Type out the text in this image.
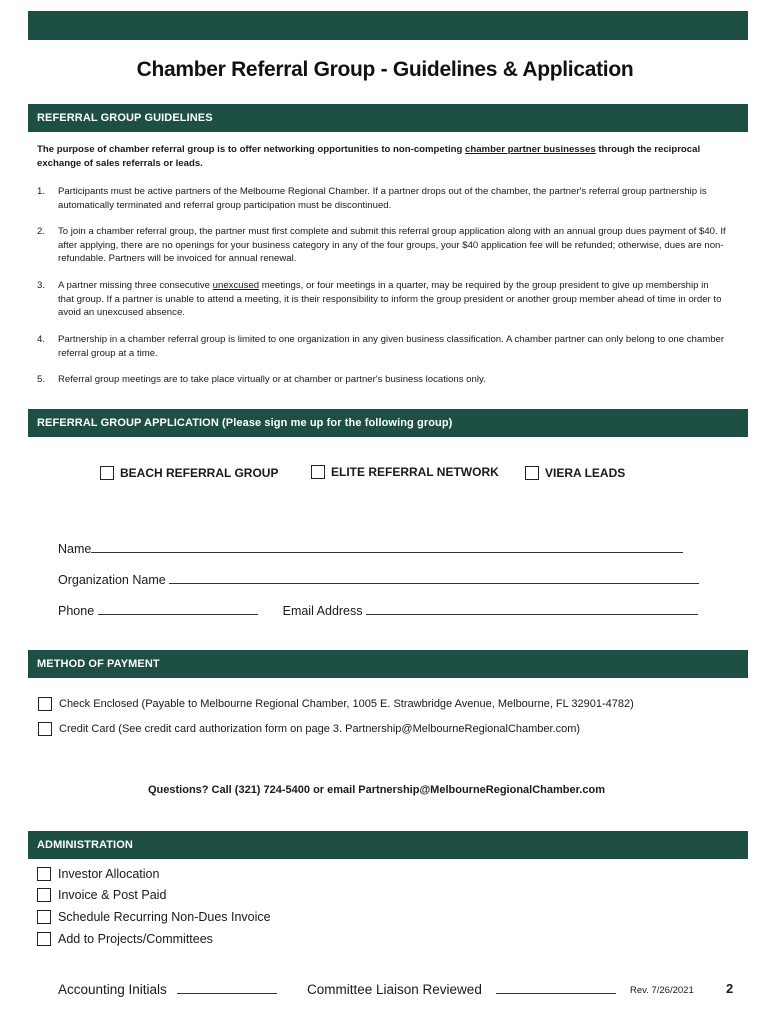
Chamber Referral Group - Guidelines & Application
REFERRAL GROUP GUIDELINES
The purpose of chamber referral group is to offer networking opportunities to non-competing chamber partner businesses through the reciprocal exchange of sales referrals or leads.
1. Participants must be active partners of the Melbourne Regional Chamber. If a partner drops out of the chamber, the partner's referral group partnership is automatically terminated and referral group participation must be discontinued.
2. To join a chamber referral group, the partner must first complete and submit this referral group application along with an annual group dues payment of $40. If after applying, there are no openings for your business category in any of the four groups, your $40 application fee will be refunded; otherwise, dues are non-refundable. Partners will be invoiced for annual renewal.
3. A partner missing three consecutive unexcused meetings, or four meetings in a quarter, may be required by the group president to give up membership in that group. If a partner is unable to attend a meeting, it is their responsibility to inform the group president or another group member ahead of time in order to avoid an unexcused absence.
4. Partnership in a chamber referral group is limited to one organization in any given business classification. A chamber partner can only belong to one chamber referral group at a time.
5. Referral group meetings are to take place virtually or at chamber or partner's business locations only.
REFERRAL GROUP APPLICATION (Please sign me up for the following group)
BEACH REFERRAL GROUP	ELITE REFERRAL NETWORK	VIERA LEADS
Name
Organization Name
Phone	Email Address
METHOD OF PAYMENT
Check Enclosed (Payable to Melbourne Regional Chamber, 1005 E. Strawbridge Avenue, Melbourne, FL 32901-4782)
Credit Card (See credit card authorization form on page 3. Partnership@MelbourneRegionalChamber.com)
Questions? Call (321) 724-5400 or email Partnership@MelbourneRegionalChamber.com
ADMINISTRATION
Investor Allocation
Invoice & Post Paid
Schedule Recurring Non-Dues Invoice
Add to Projects/Committees
Accounting Initials	Committee Liaison Reviewed	Rev. 7/26/2021 2
